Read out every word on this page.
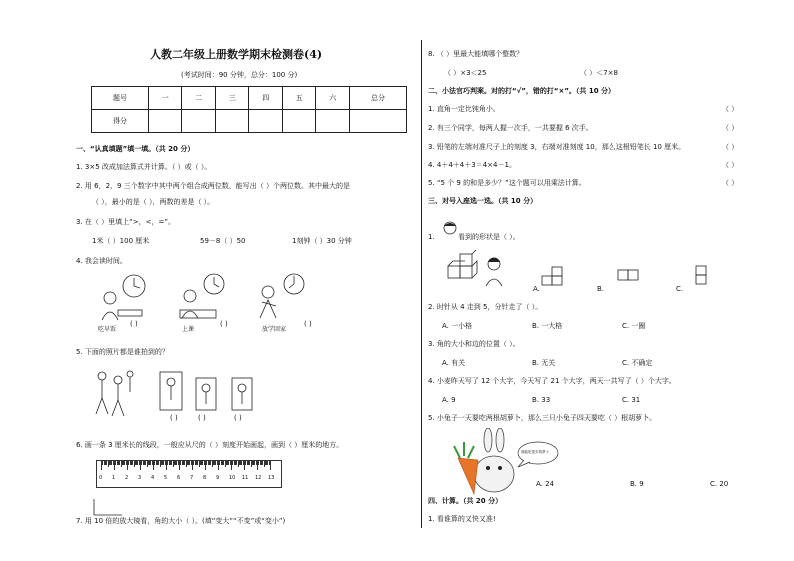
人教二年级上册数学期末检测卷(4)
(考试时间：90 分钟，总分：100 分)
题号	一	二	三	四	五	六	总分
得分							
一、“认真填题”填一填。（共 20 分）
1. 3×5 改成加法算式并计算。（ ）或（ ）。
2. 用 6，2，9 三个数字中其中两个组合成两位数，能写出（ ）个两位数。其中最大的是
（ ），最小的是（ ），两数的差是（ ）。
3. 在（ ）里填上“>，<，=”。
1米（ ）100 厘米	59－8（ ）50	1刻钟（ ）30 分钟
4. 我会读时间。
吃早饭
( )
上课
( )
放学回家
( )
5. 下面的照片都是谁拍到的？
( )	( )	( )
6. 画一条 3 厘米长的线段，一般应从尺的（ ）刻度开始画起，画到（ ）厘米的地方。
0 1 2 3 4 5 6 7 8 9 10 11 12 13
7. 用 10 倍的放大镜看，角的大小（ ）。(填“变大”“不变”或“变小”)
8. （ ）里最大能填哪个整数？
（ ）×3＜25	（ ）＜7×8
二、小法官巧判案。对的打“√”，错的打“×”。（共 10 分）
1. 直角一定比钝角小。	（ ）
2. 有三个同学，每两人握一次手，一共要握 6 次手。	（ ）
3. 铅笔的左端对准尺子上的刻度 3，右端对准刻度 10，那么这根铅笔长 10 厘米。	（ ）
4. 4＋4＋4＋3＝4×4－1。	（ ）
5. “5 个 9 的和是多少？”这个题可以用乘法计算。	（ ）
三、对号入座选一选。（共 10 分）
1.	看到的形状是（ ）。
A.	B.	C.
2. 时针从 4 走到 5，分针走了（ ）。
A. 一小格	B. 一大格	C. 一圈
3. 角的大小和边的位置（ ）。
A. 有关	B. 无关	C. 不确定
4. 小麦昨天写了 12 个大字，今天写了 21 个大字，两天一共写了（ ）个大字。
A. 9	B. 33	C. 31
5. 小兔子一天要吃两根胡萝卜，那么三只小兔子四天要吃（ ）根胡萝卜。
我能吃很多胡萝卜
A. 24	B. 9	C. 20
四、计算。（共 20 分）
1. 看谁算的又快又准!
